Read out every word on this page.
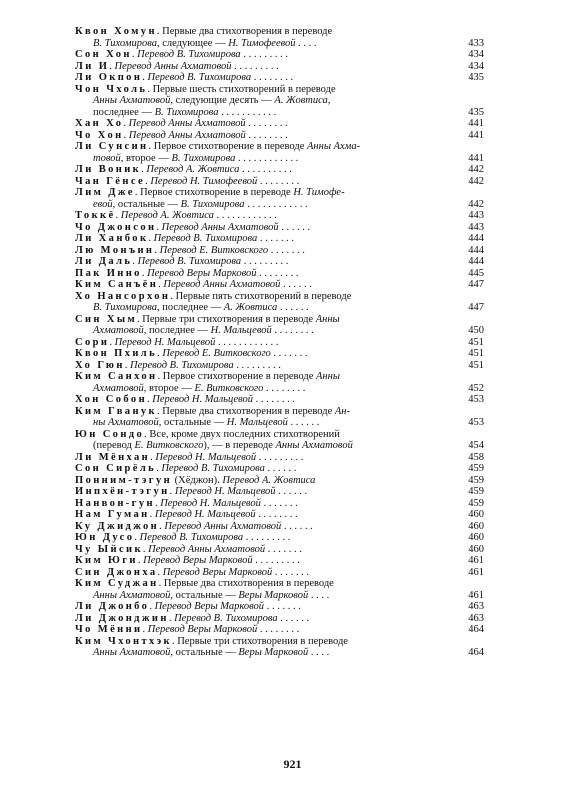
Квон Хомун. Первые два стихотворения в переводе
В. Тихомирова, следующее — Н. Тимофеевой . . . .	433
Сон Хон. Перевод В. Тихомирова . . . . . . . . .	434
Ли И. Перевод Анны Ахматовой . . . . . . . . .	434
Ли Окпон. Перевод В. Тихомирова . . . . . . . .	435
Чон Чхоль. Первые шесть стихотворений в переводе
Анны Ахматовой, следующие десять — А. Жовтиса,
последнее — В. Тихомирова . . . . . . . . . . .	435
Хан Хо. Перевод Анны Ахматовой . . . . . . . .	441
Чо Хон. Перевод Анны Ахматовой . . . . . . . .	441
Ли Сунсин. Первое стихотворение в переводе Анны Ахма-
товой, второе — В. Тихомирова . . . . . . . . . . . .	441
Ли Воник. Перевод А. Жовтиса . . . . . . . . . .	442
Чан Гёнсе. Перевод Н. Тимофеевой . . . . . . . .	442
Лим Дже. Первое стихотворение в переводе Н. Тимофе-
евой, остальные — В. Тихомирова . . . . . . . . . . . .	442
Токкё. Перевод А. Жовтиса . . . . . . . . . . . .	443
Чо Джонсон. Перевод Анны Ахматовой . . . . . .	443
Ли Ханбок. Перевод В. Тихомирова . . . . . . .	444
Лю Монъин. Перевод Е. Витковского . . . . . . .	444
Ли Даль. Перевод В. Тихомирова . . . . . . . . .	444
Пак Инно. Перевод Веры Марковой . . . . . . . .	445
Ким Санъён. Перевод Анны Ахматовой . . . . . .	447
Хо Нансорхон. Первые пять стихотворений в переводе
В. Тихомирова, последнее — А. Жовтиса . . . . . .	447
Син Хым. Первые три стихотворения в переводе Анны
Ахматовой, последнее — Н. Мальцевой . . . . . . . .	450
Сори. Перевод Н. Мальцевой . . . . . . . . . . . .	451
Квон Пхиль. Перевод Е. Витковского . . . . . . .	451
Хо Гюн. Перевод В. Тихомирова . . . . . . . . .	451
Ким Санхон. Первое стихотворение в переводе Анны
Ахматовой, второе — Е. Витковского . . . . . . . .	452
Хон Собон. Перевод Н. Мальцевой . . . . . . . .	453
Ким Гванук. Первые два стихотворения в переводе Ан-
ны Ахматовой, остальные — Н. Мальцевой . . . . . .	453
Юн Сондо. Все, кроме двух последних стихотворений
(перевод Е. Витковского), — в переводе Анны Ахматовой	454
Ли Мёнхан. Перевод Н. Мальцевой . . . . . . . . .	458
Сон Сирёль. Перевод В. Тихомирова . . . . . .	459
Понним-тэгун (Хёджон). Перевод А. Жовтиса	459
Инпхён-тэгун. Перевод Н. Мальцевой . . . . . .	459
Нанвон-гун. Перевод Н. Мальцевой . . . . . . .	459
Нам Гуман. Перевод Н. Мальцевой . . . . . . . .	460
Ку Джиджон. Перевод Анны Ахматовой . . . . . .	460
Юн Дусо. Перевод В. Тихомирова . . . . . . . . .	460
Чу Ыйсик. Перевод Анны Ахматовой . . . . . . .	460
Ким Юги. Перевод Веры Марковой . . . . . . . . .	461
Син Джонха. Перевод Веры Марковой . . . . . . .	461
Ким Суджан. Первые два стихотворения в переводе
Анны Ахматовой, остальные — Веры Марковой . . . .	461
Ли Джонбо. Перевод Веры Марковой . . . . . . .	463
Ли Джонджин. Перевод В. Тихомирова . . . . . .	463
Чо Мённи. Перевод Веры Марковой . . . . . . . .	464
Ким Чхонтхэк. Первые три стихотворения в переводе
Анны Ахматовой, остальные — Веры Марковой . . . .	464
921
